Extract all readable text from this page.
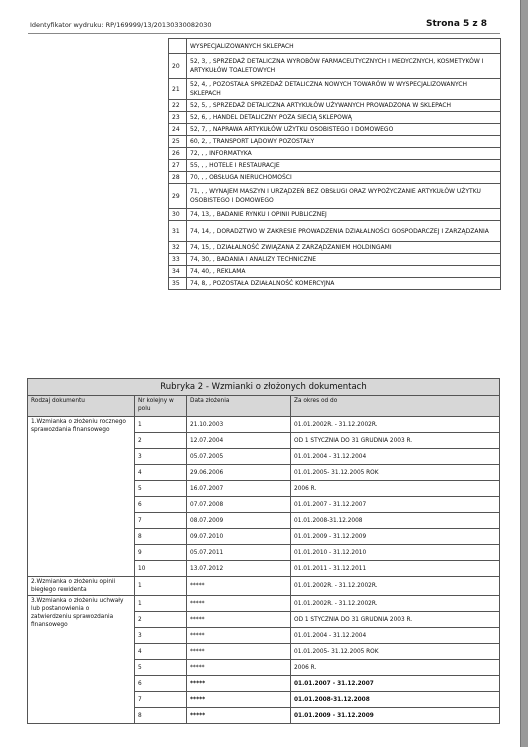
Identyfikator wydruku: RP/169999/13/20130330082030	Strona 5 z 8
	WYSPECJALIZOWANYCH SKLEPACH
20	52, 3, , SPRZEDAŻ DETALICZNA WYROBÓW FARMACEUTYCZNYCH I MEDYCZNYCH, KOSMETYKÓW I ARTYKUŁÓW TOALETOWYCH
21	52, 4, , POZOSTAŁA SPRZEDAŻ DETALICZNA NOWYCH TOWARÓW W WYSPECJALIZOWANYCH SKLEPACH
22	52, 5, , SPRZEDAŻ DETALICZNA ARTYKUŁÓW UŻYWANYCH PROWADZONA W SKLEPACH
23	52, 6, , HANDEL DETALICZNY POZA SIECIĄ SKLEPOWĄ
24	52, 7, , NAPRAWA ARTYKUŁÓW UŻYTKU OSOBISTEGO I DOMOWEGO
25	60, 2, , TRANSPORT LĄDOWY POZOSTAŁY
26	72, , , INFORMATYKA
27	55, , , HOTELE I RESTAURACJE
28	70, , , OBSŁUGA NIERUCHOMOŚCI
29	71, , , WYNAJEM MASZYN I URZĄDZEŃ BEZ OBSŁUGI ORAZ WYPOŻYCZANIE ARTYKUŁÓW UŻYTKU OSOBISTEGO I DOMOWEGO
30	74, 13, , BADANIE RYNKU I OPINII PUBLICZNEJ
31	74, 14, , DORADZTWO W ZAKRESIE PROWADZENIA DZIAŁALNOŚCI GOSPODARCZEJ I ZARZĄDZANIA
32	74, 15, , DZIAŁALNOŚĆ ZWIĄZANA Z ZARZĄDZANIEM HOLDINGAMI
33	74, 30, , BADANIA I ANALIZY TECHNICZNE
34	74, 40, , REKLAMA
35	74, 8, , POZOSTAŁA DZIAŁALNOŚĆ KOMERCYJNA
Rubryka 2 - Wzmianki o złożonych dokumentach			
Rodzaj dokumentu	Nr kolejny w polu	Data złożenia	Za okres od do
1.Wzmianka o złożeniu rocznego sprawozdania finansowego	1	21.10.2003	01.01.2002R. - 31.12.2002R.
	2	12.07.2004	OD 1 STYCZNIA DO 31 GRUDNIA 2003 R.
	3	05.07.2005	01.01.2004 - 31.12.2004
	4	29.06.2006	01.01.2005- 31.12.2005 ROK
	5	16.07.2007	2006 R.
	6	07.07.2008	01.01.2007 - 31.12.2007
	7	08.07.2009	01.01.2008-31.12.2008
	8	09.07.2010	01.01.2009 - 31.12.2009
	9	05.07.2011	01.01.2010 - 31.12.2010
	10	13.07.2012	01.01.2011 - 31.12.2011
2.Wzmianka o złożeniu opinii biegłego rewidenta	1	*****	01.01.2002R. - 31.12.2002R.
3.Wzmianka o złożeniu uchwały lub postanowienia o zatwierdzeniu sprawozdania finansowego	1	*****	01.01.2002R. - 31.12.2002R.
	2	*****	OD 1 STYCZNIA DO 31 GRUDNIA 2003 R.
	3	*****	01.01.2004 - 31.12.2004
	4	*****	01.01.2005- 31.12.2005 ROK
	5	*****	2006 R.
	6	*****	01.01.2007 - 31.12.2007
	7	*****	01.01.2008-31.12.2008
	8	*****	01.01.2009 - 31.12.2009
